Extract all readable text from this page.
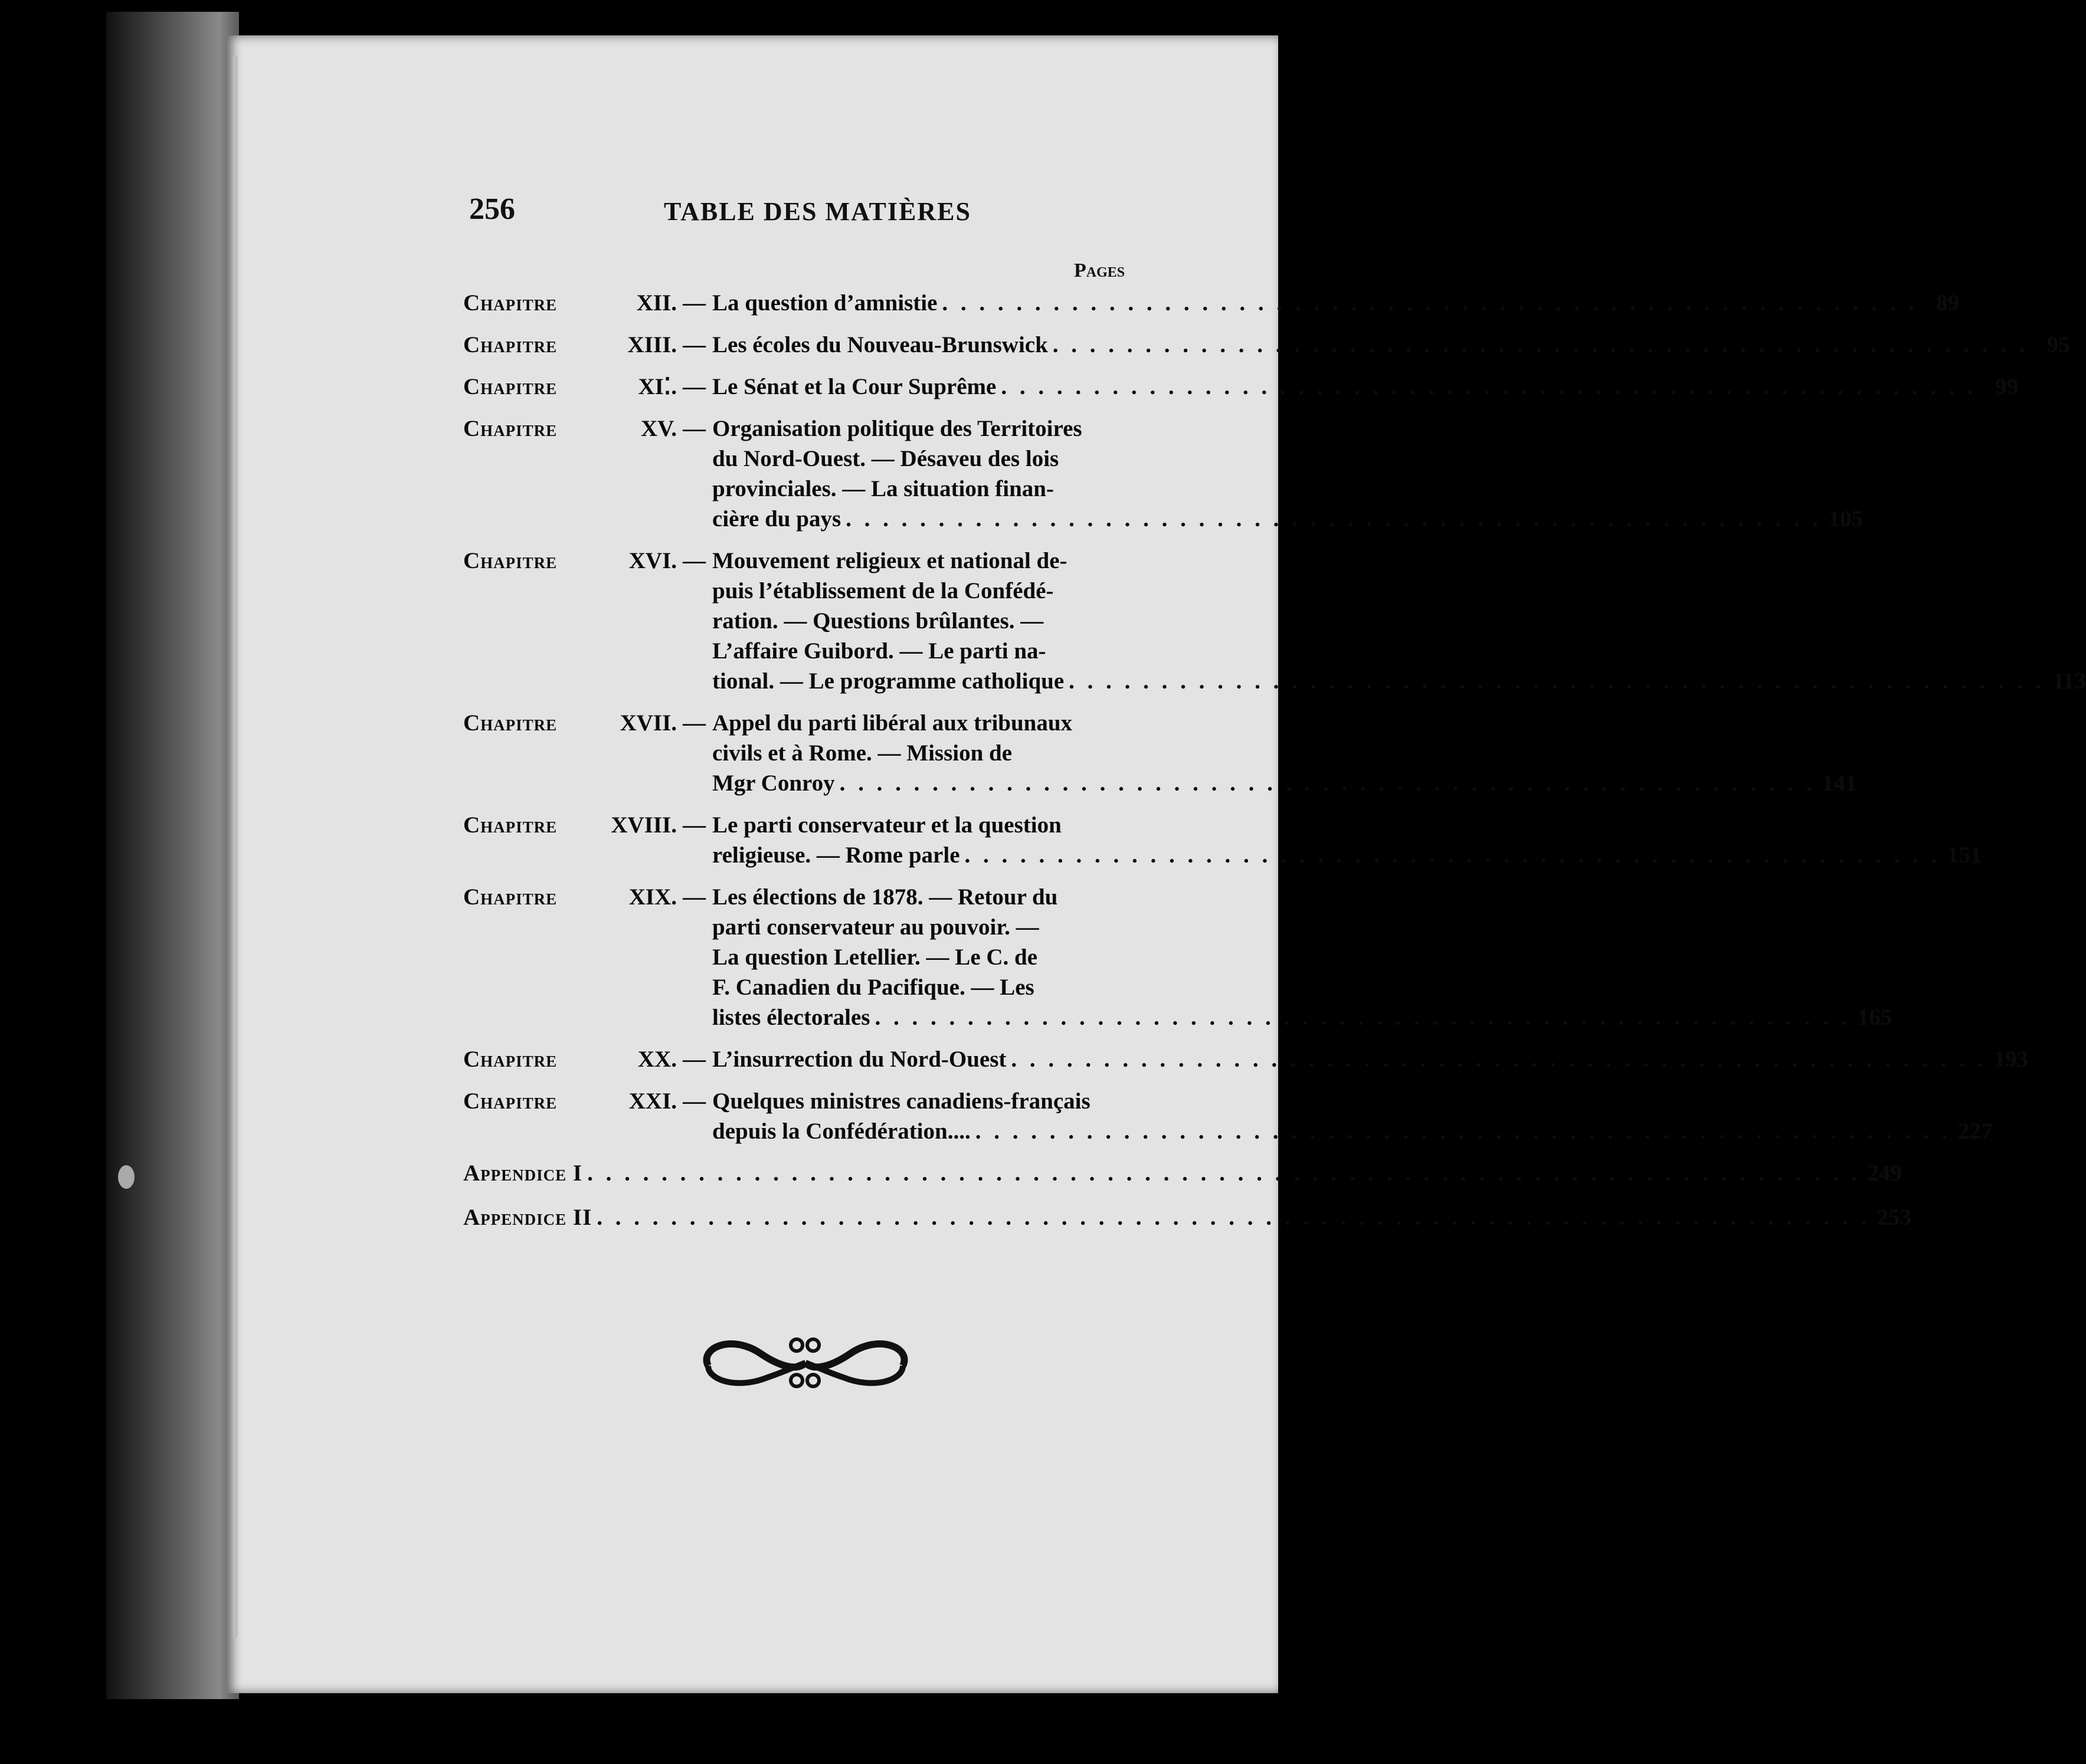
256	TABLE DES MATIÈRES
Pages
Chapitre	XII. — La question d’amnistie . . .	89
Chapitre	XIII. — Les écoles du Nouveau-Brunswick . . .	95
Chapitre	XI⁚. — Le Sénat et la Cour Suprême . . .	99
Chapitre	XV. — Organisation politique des Territoires
du Nord-Ouest. — Désaveu des lois
provinciales. — La situation finan-
cière du pays . . .	105
Chapitre	XVI. — Mouvement religieux et national de-
puis l’établissement de la Confédé-
ration. — Questions brûlantes. —
L’affaire Guibord. — Le parti na-
tional. — Le programme catholique . . .	113
Chapitre	XVII. — Appel du parti libéral aux tribunaux
civils et à Rome. — Mission de
Mgr Conroy . . .	141
Chapitre	XVIII. — Le parti conservateur et la question
religieuse. — Rome parle . . .	151
Chapitre	XIX. — Les élections de 1878. — Retour du
parti conservateur au pouvoir. —
La question Letellier. — Le C. de
F. Canadien du Pacifique. — Les
listes électorales . . .	165
Chapitre	XX. — L’insurrection du Nord-Ouest . . .	193
Chapitre	XXI. — Quelques ministres canadiens-français
depuis la Confédération.... . . .	227
Appendice I . . .	249
Appendice II . . .	253
